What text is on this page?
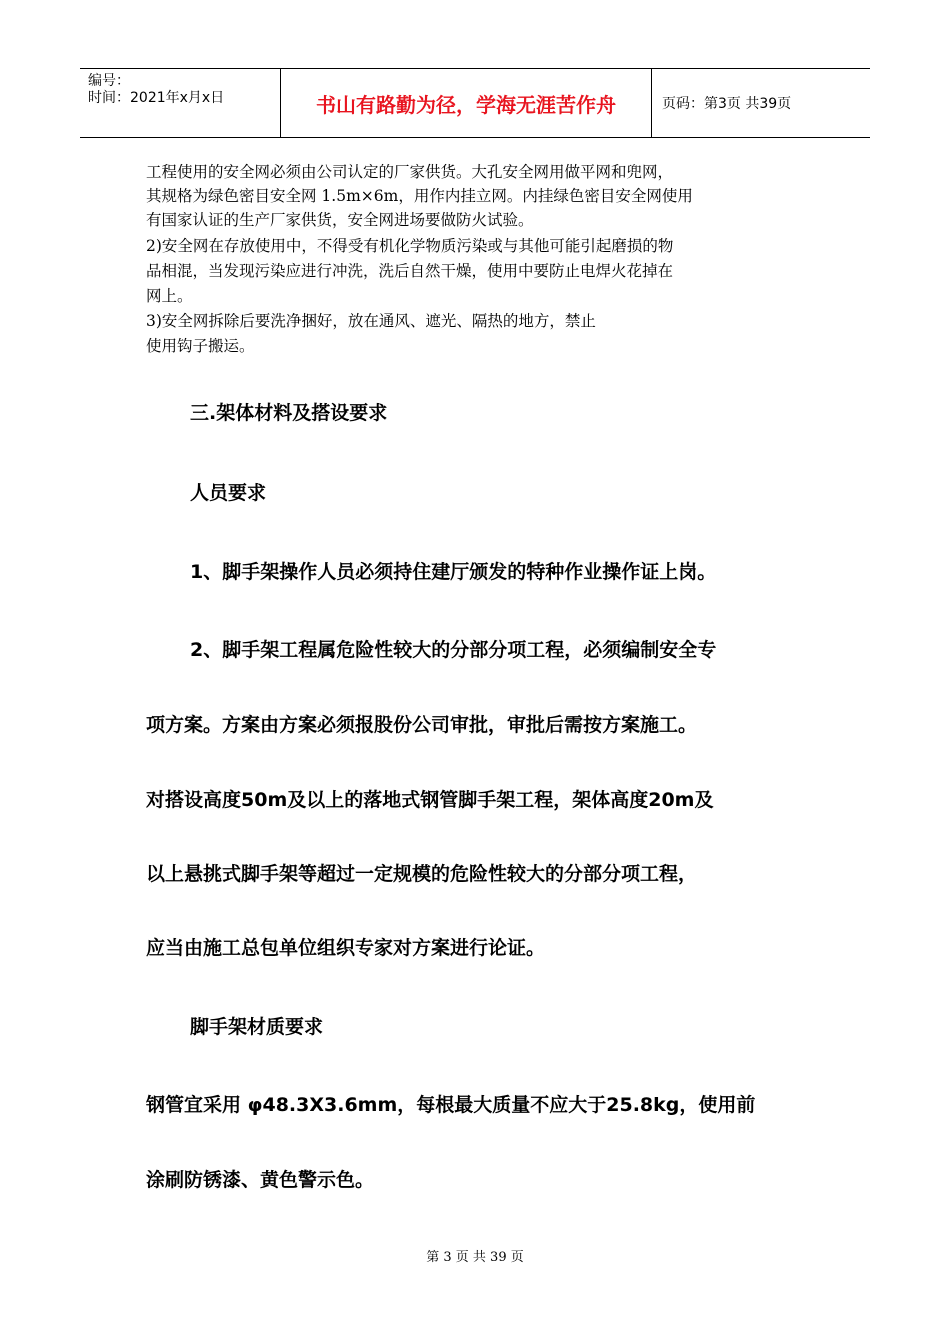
编号：
时间：2021年x月x日	书山有路勤为径，学海无涯苦作舟	页码：第3页 共39页
工程使用的安全网必须由公司认定的厂家供货。大孔安全网用做平网和兜网，
其规格为绿色密目安全网 1.5m×6m，用作内挂立网。内挂绿色密目安全网使用
有国家认证的生产厂家供货，安全网进场要做防火试验。
2)安全网在存放使用中，不得受有机化学物质污染或与其他可能引起磨损的物
品相混，当发现污染应进行冲洗，洗后自然干燥，使用中要防止电焊火花掉在
网上。
3)安全网拆除后要洗净捆好，放在通风、遮光、隔热的地方，禁止
使用钩子搬运。
三.架体材料及搭设要求
人员要求
1、脚手架操作人员必须持住建厅颁发的特种作业操作证上岗。
2、脚手架工程属危险性较大的分部分项工程，必须编制安全专
项方案。方案由方案必须报股份公司审批，审批后需按方案施工。
对搭设高度50m及以上的落地式钢管脚手架工程，架体高度20m及
以上悬挑式脚手架等超过一定规模的危险性较大的分部分项工程，
应当由施工总包单位组织专家对方案进行论证。
脚手架材质要求
钢管宜采用 φ48.3X3.6mm，每根最大质量不应大于25.8kg，使用前
涂刷防锈漆、黄色警示色。
第 3 页 共 39 页
